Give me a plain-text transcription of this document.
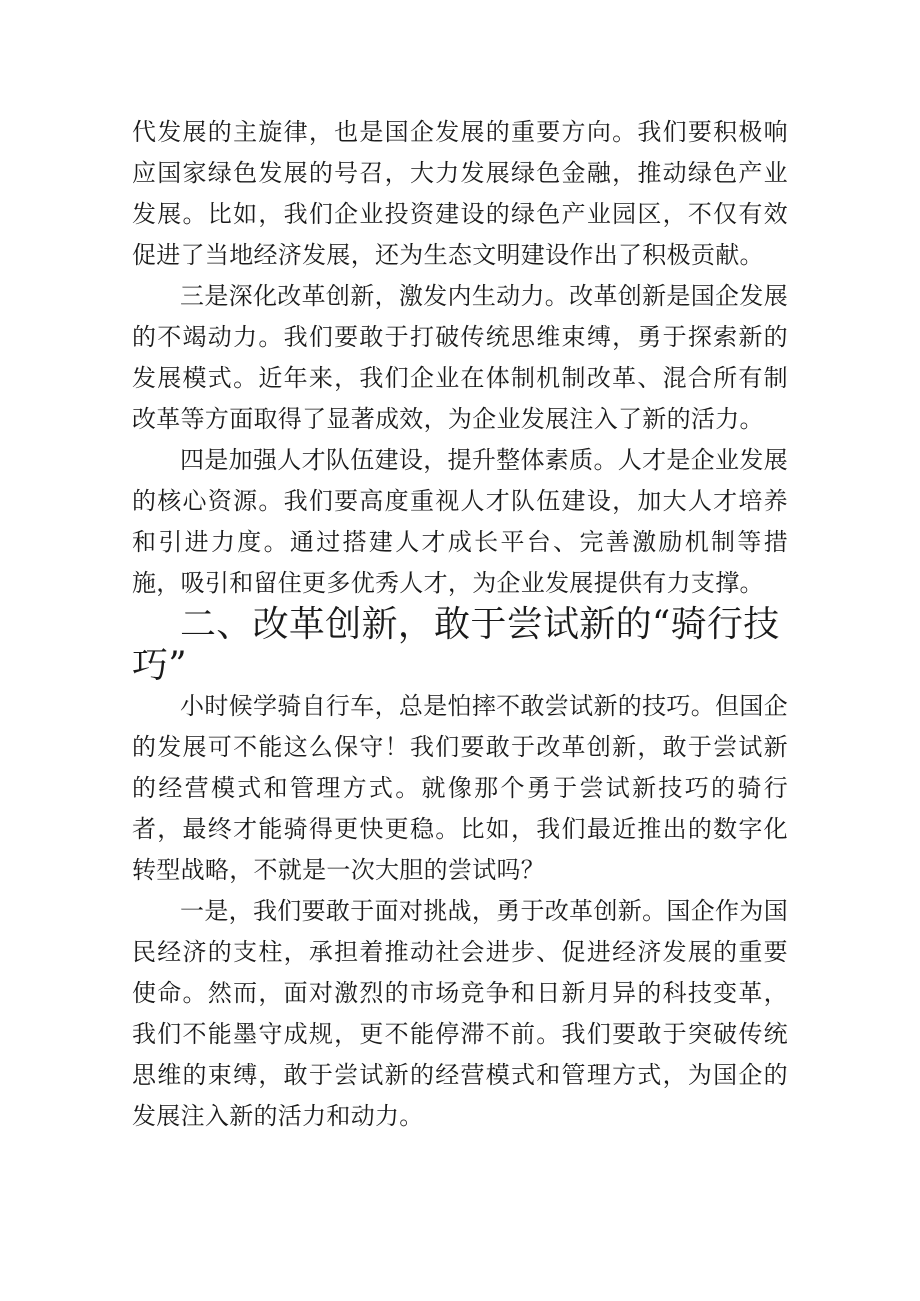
代发展的主旋律，也是国企发展的重要方向。我们要积极响应国家绿色发展的号召，大力发展绿色金融，推动绿色产业发展。比如，我们企业投资建设的绿色产业园区，不仅有效促进了当地经济发展，还为生态文明建设作出了积极贡献。

三是深化改革创新，激发内生动力。改革创新是国企发展的不竭动力。我们要敢于打破传统思维束缚，勇于探索新的发展模式。近年来，我们企业在体制机制改革、混合所有制改革等方面取得了显著成效，为企业发展注入了新的活力。

四是加强人才队伍建设，提升整体素质。人才是企业发展的核心资源。我们要高度重视人才队伍建设，加大人才培养和引进力度。通过搭建人才成长平台、完善激励机制等措施，吸引和留住更多优秀人才，为企业发展提供有力支撑。

二、改革创新，敢于尝试新的“骑行技巧”

小时候学骑自行车，总是怕摔不敢尝试新的技巧。但国企的发展可不能这么保守！我们要敢于改革创新，敢于尝试新的经营模式和管理方式。就像那个勇于尝试新技巧的骑行者，最终才能骑得更快更稳。比如，我们最近推出的数字化转型战略，不就是一次大胆的尝试吗？

一是，我们要敢于面对挑战，勇于改革创新。国企作为国民经济的支柱，承担着推动社会进步、促进经济发展的重要使命。然而，面对激烈的市场竞争和日新月异的科技变革，我们不能墨守成规，更不能停滞不前。我们要敢于突破传统思维的束缚，敢于尝试新的经营模式和管理方式，为国企的发展注入新的活力和动力。
